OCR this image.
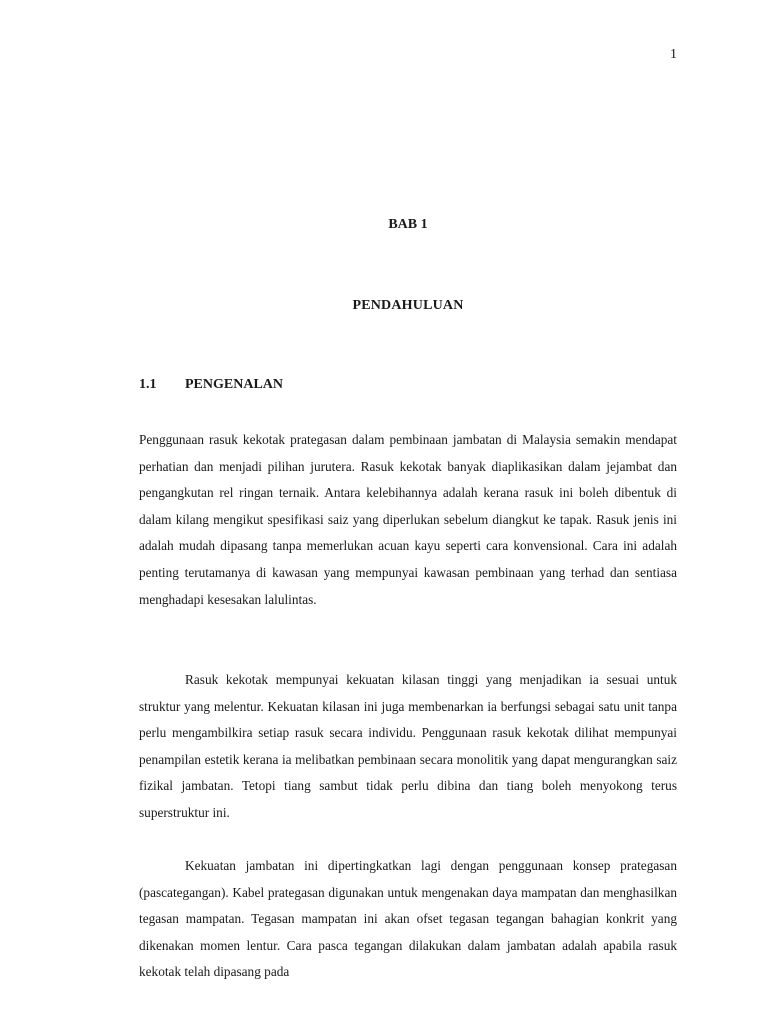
1
BAB 1
PENDAHULUAN
1.1 PENGENALAN

Penggunaan rasuk kekotak prategasan dalam pembinaan jambatan di Malaysia semakin mendapat perhatian dan menjadi pilihan jurutera. Rasuk kekotak banyak diaplikasikan dalam jejambat dan pengangkutan rel ringan ternaik. Antara kelebihannya adalah kerana rasuk ini boleh dibentuk di dalam kilang mengikut spesifikasi saiz yang diperlukan sebelum diangkut ke tapak. Rasuk jenis ini adalah mudah dipasang tanpa memerlukan acuan kayu seperti cara konvensional. Cara ini adalah penting terutamanya di kawasan yang mempunyai kawasan pembinaan yang terhad dan sentiasa menghadapi kesesakan lalulintas.

Rasuk kekotak mempunyai kekuatan kilasan tinggi yang menjadikan ia sesuai untuk struktur yang melentur. Kekuatan kilasan ini juga membenarkan ia berfungsi sebagai satu unit tanpa perlu mengambilkira setiap rasuk secara individu. Penggunaan rasuk kekotak dilihat mempunyai penampilan estetik kerana ia melibatkan pembinaan secara monolitik yang dapat mengurangkan saiz fizikal jambatan. Tetopi tiang sambut tidak perlu dibina dan tiang boleh menyokong terus superstruktur ini.

Kekuatan jambatan ini dipertingkatkan lagi dengan penggunaan konsep prategasan (pascategangan). Kabel prategasan digunakan untuk mengenakan daya mampatan dan menghasilkan tegasan mampatan. Tegasan mampatan ini akan ofset tegasan tegangan bahagian konkrit yang dikenakan momen lentur. Cara pasca tegangan dilakukan dalam jambatan adalah apabila rasuk kekotak telah dipasang pada
